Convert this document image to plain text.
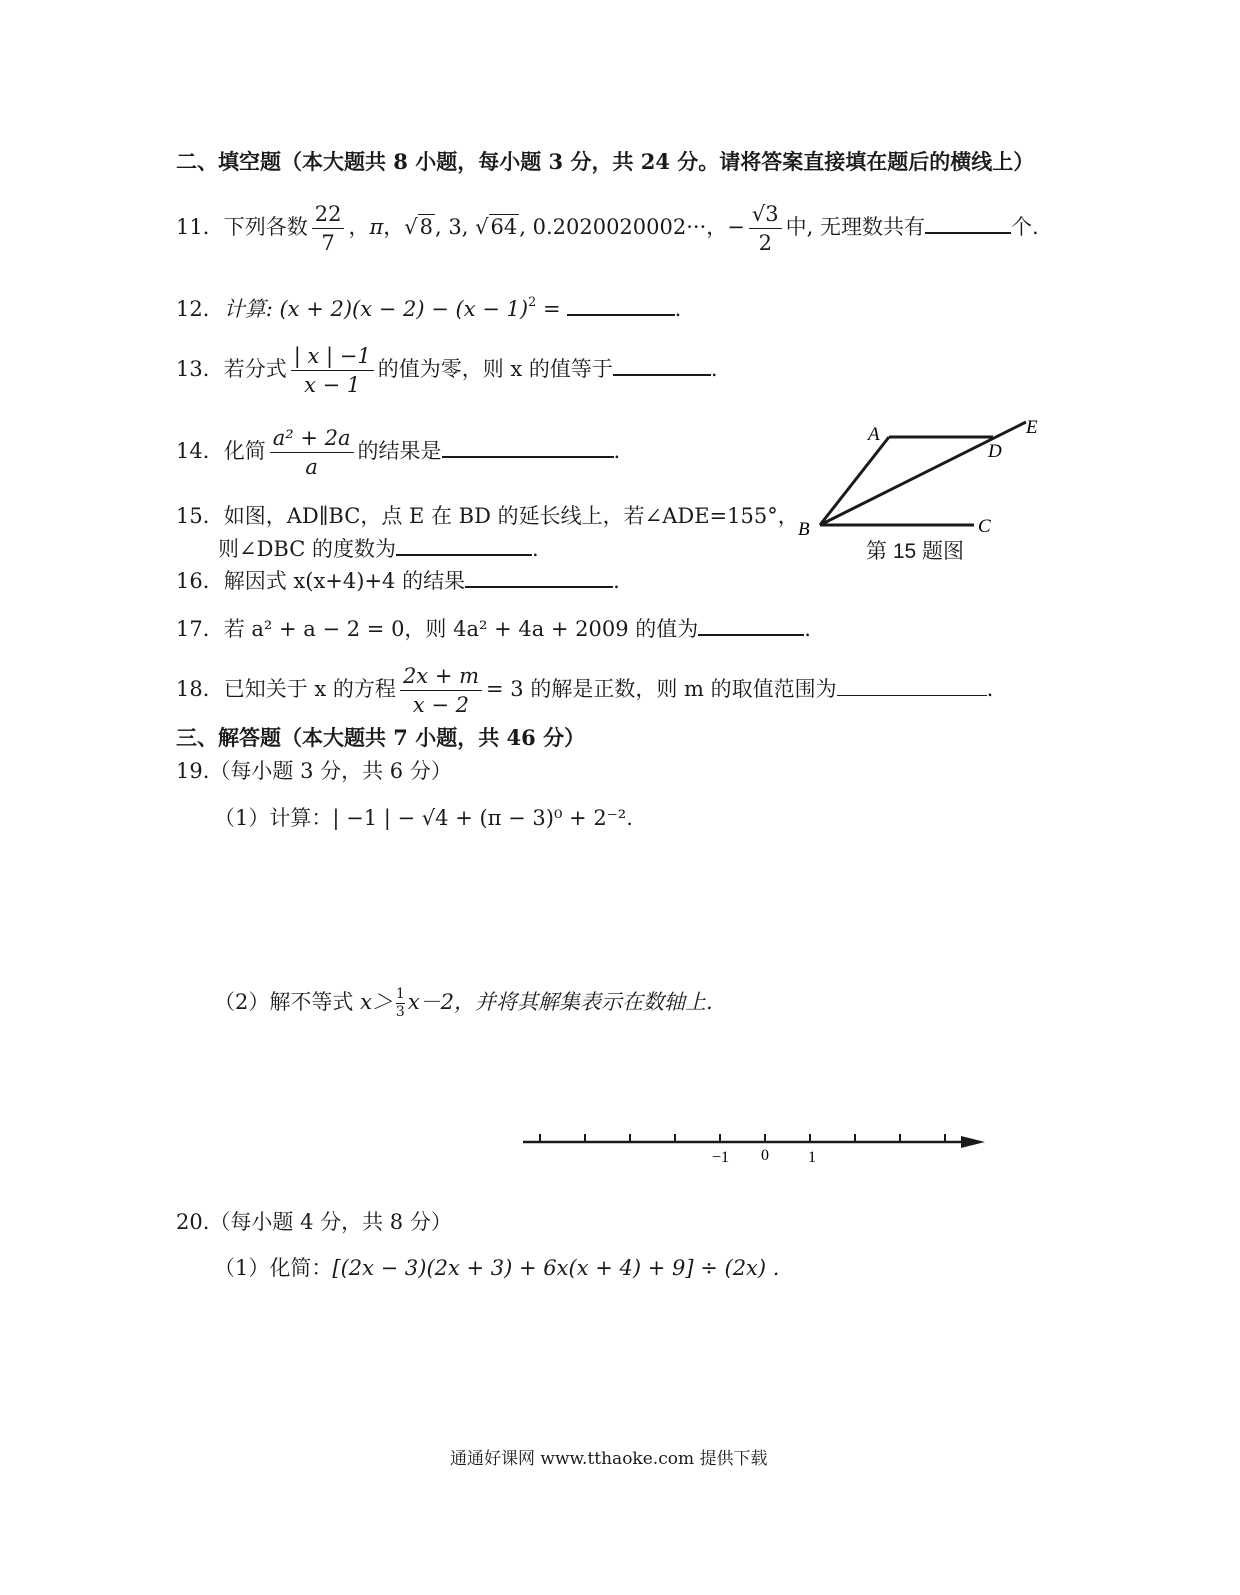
二、填空题（本大题共 8 小题，每小题 3 分，共 24 分。请将答案直接填在题后的横线上）
11．下列各数 $\frac{22}{7}$ ，π，√8, 3, √64, 0.2020020002···，− $\frac{√3}{2}$ 中, 无理数共有	个.
12．计算: $(x + 2)(x - 2) - (x - 1)^2$ =	.
13．若分式 $\frac{| x | -1}{x - 1}$ 的值为零，则 x 的值等于	.
14．化简 $\frac{\text{a² + 2a}}{a}$ 的结果是	.
15．如图，AD∥BC，点 E 在 BD 的延长线上，若∠ADE=155°，
则∠DBC 的度数为	.
A
B	C
D
E
第 15 题图
16．解因式 x(x+4)+4 的结果	.
17．若 a² + a − 2 = 0，则 4a² + 4a + 2009 的值为	.
18．已知关于 x 的方程 $\frac{2x + m}{x - 2} = 3$ 的解是正数，则 m 的取值范围为	.
三、解答题（本大题共 7 小题，共 46 分）
19.（每小题 3 分，共 6 分）
（1）计算：| −1 | − √4 + (π − 3)⁰ + 2⁻².
（2）解不等式 $x> \frac{1}{3} x-2$，并将其解集表示在数轴上.
−1 0 1
20.（每小题 4 分，共 8 分）
（1）化简：[(2x − 3)(2x + 3) + 6x(x + 4) + 9] ÷ (2x) .
通通好课网 www.tthaoke.com 提供下载
